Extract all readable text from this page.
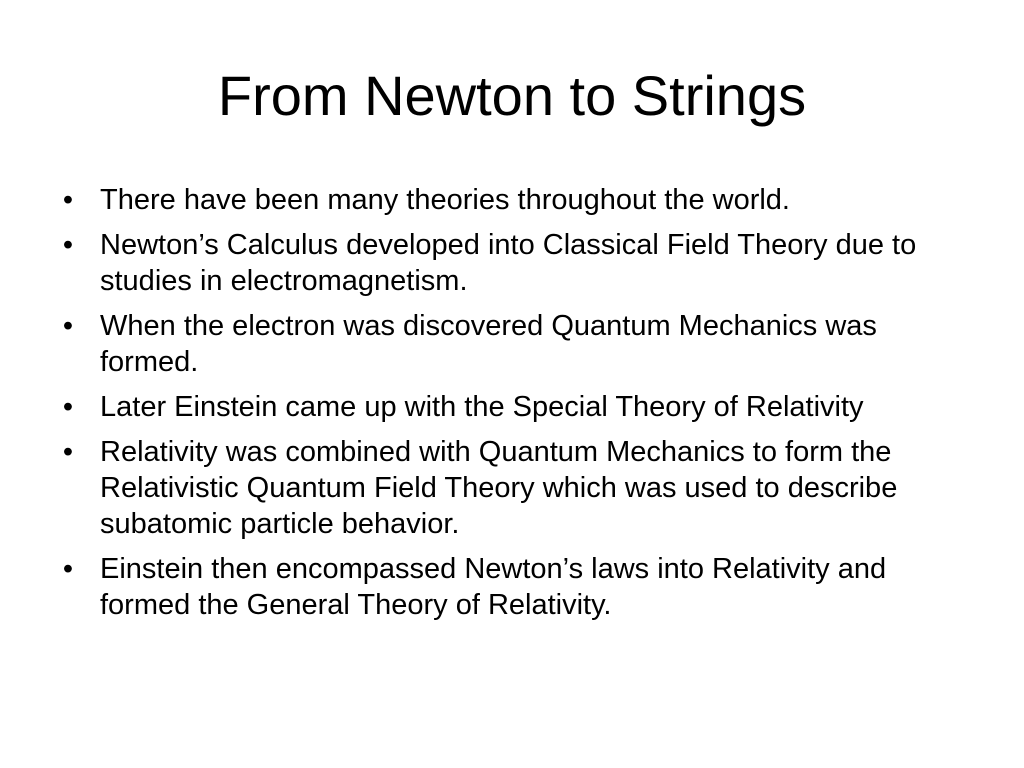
From Newton to Strings
• There have been many theories throughout the world.
• Newton’s Calculus developed into Classical Field Theory due to studies in electromagnetism.
• When the electron was discovered Quantum Mechanics was formed.
• Later Einstein came up with the Special Theory of Relativity
• Relativity was combined with Quantum Mechanics to form the Relativistic Quantum Field Theory which was used to describe subatomic particle behavior.
• Einstein then encompassed Newton’s laws into Relativity and formed the General Theory of Relativity.
